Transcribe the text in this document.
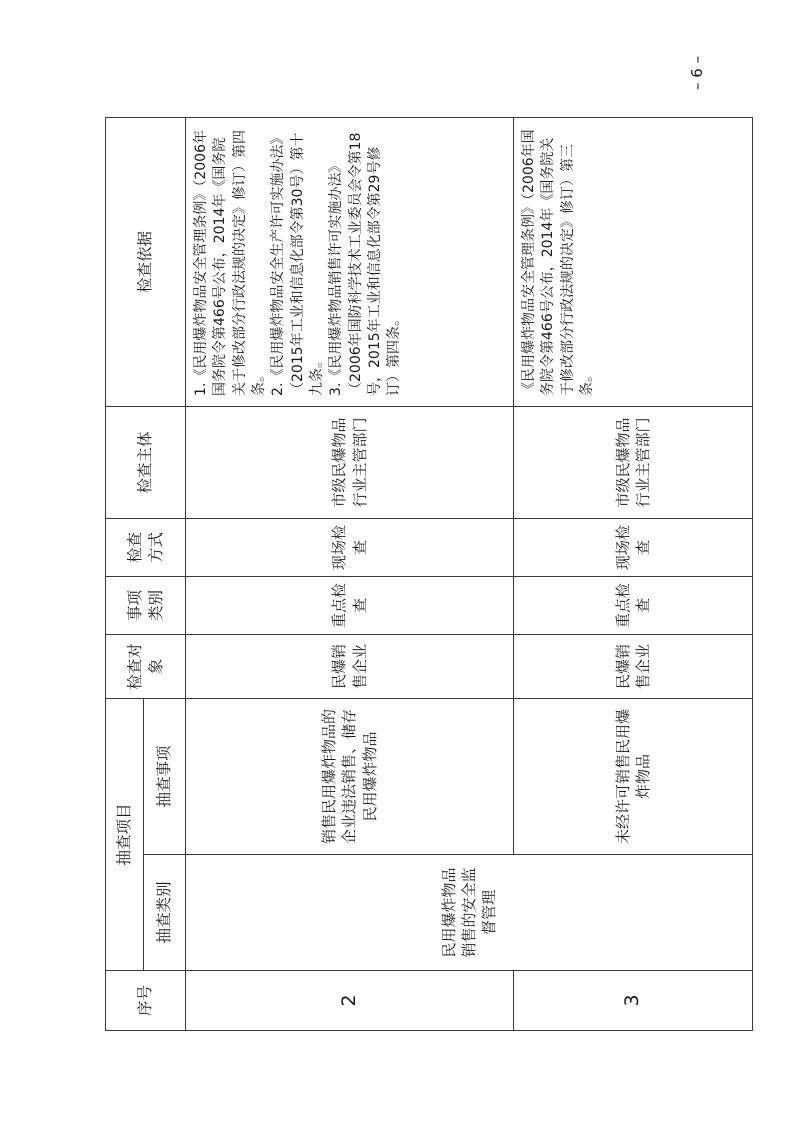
– 6 –
序号	抽查项目		检查对象	事项类别	检查方式	检查主体	检查依据
	抽查类别	抽查事项					
2	民用爆炸物品销售的安全监督管理	销售民用爆炸物品的企业违法销售、储存民用爆炸物品	民爆销售企业	重点检查	现场检查	市级民爆物品行业主管部门	1.《民用爆炸物品安全管理条例》（2006年国务院令第466号公布，2014年《国务院关于修改部分行政法规的决定》修订）第四条。 2.《民用爆炸物品安全生产许可实施办法》（2015年工业和信息化部令第30号）第十九条。 3.《民用爆炸物品销售许可实施办法》（2006年国防科学技术工业委员会令第18号，2015年工业和信息化部令第29号修订）第四条。

3		未经许可销售民用爆炸物品	民爆销售企业	重点检查	现场检查	市级民爆物品行业主管部门	《民用爆炸物品安全管理条例》（2006年国务院令第466号公布，2014年《国务院关于修改部分行政法规的决定》修订）第三条。
